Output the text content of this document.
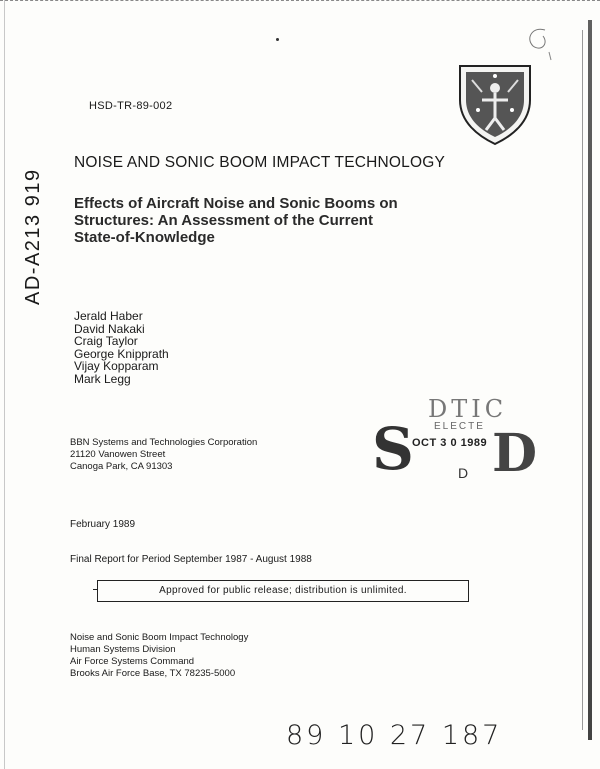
HSD-TR-89-002
AD-A213 919
NOISE AND SONIC BOOM IMPACT TECHNOLOGY
Effects of Aircraft Noise and Sonic Booms on
Structures: An Assessment of the Current
State-of-Knowledge
Jerald Haber
David Nakaki
Craig Taylor
George Knipprath
Vijay Kopparam
Mark Legg
BBN Systems and Technologies Corporation
21120 Vanowen Street
Canoga Park, CA 91303
DTIC
ELECTE
OCT 3 0 1989
S D
D
February 1989
Final Report for Period September 1987 - August 1988
Approved for public release; distribution is unlimited.
Noise and Sonic Boom Impact Technology
Human Systems Division
Air Force Systems Command
Brooks Air Force Base, TX 78235-5000
89 10 27 187
